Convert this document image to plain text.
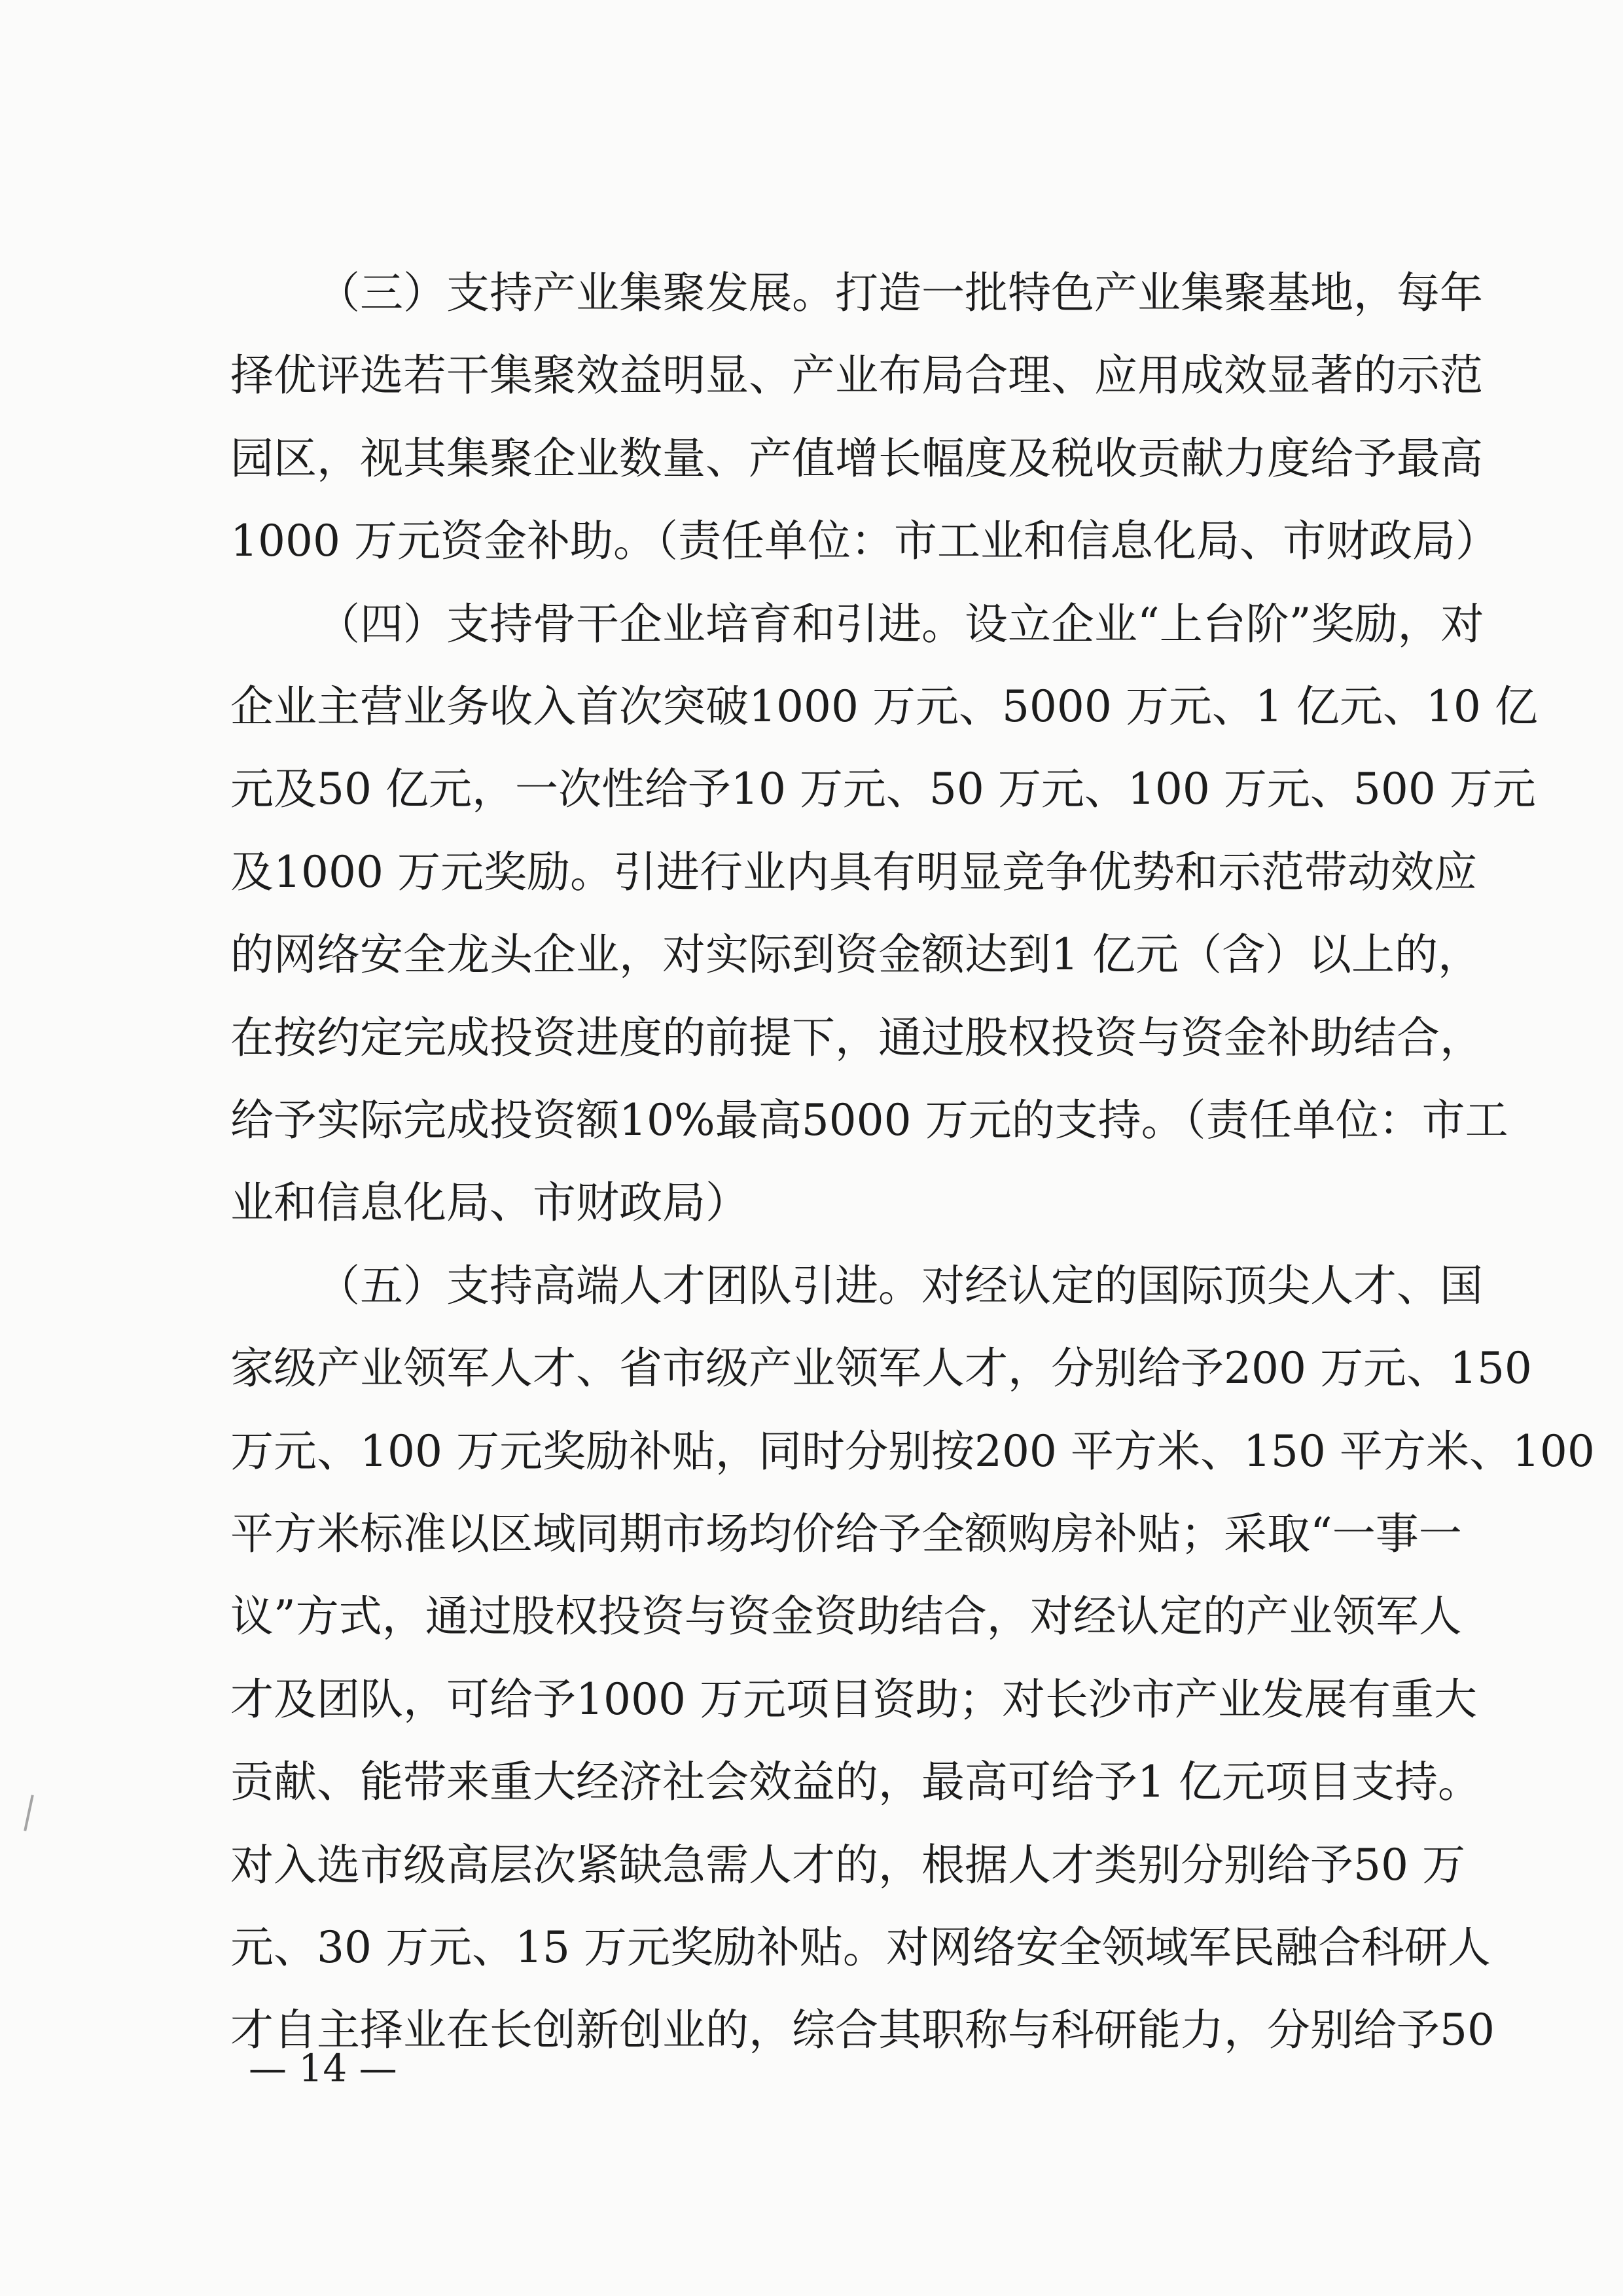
（三）支持产业集聚发展。打造一批特色产业集聚基地，每年
择优评选若干集聚效益明显、产业布局合理、应用成效显著的示范
园区，视其集聚企业数量、产值增长幅度及税收贡献力度给予最高
1000 万元资金补助。（责任单位：市工业和信息化局、市财政局）
（四）支持骨干企业培育和引进。设立企业“上台阶”奖励，对
企业主营业务收入首次突破1000 万元、5000 万元、1 亿元、10 亿
元及50 亿元，一次性给予10 万元、50 万元、100 万元、500 万元
及1000 万元奖励。引进行业内具有明显竞争优势和示范带动效应
的网络安全龙头企业，对实际到资金额达到1 亿元（含）以上的，
在按约定完成投资进度的前提下，通过股权投资与资金补助结合，
给予实际完成投资额10%最高5000 万元的支持。（责任单位：市工
业和信息化局、市财政局）
（五）支持高端人才团队引进。对经认定的国际顶尖人才、国
家级产业领军人才、省市级产业领军人才，分别给予200 万元、150
万元、100 万元奖励补贴，同时分别按200 平方米、150 平方米、100
平方米标准以区域同期市场均价给予全额购房补贴；采取“一事一
议”方式，通过股权投资与资金资助结合，对经认定的产业领军人
才及团队，可给予1000 万元项目资助；对长沙市产业发展有重大
贡献、能带来重大经济社会效益的，最高可给予1 亿元项目支持。
对入选市级高层次紧缺急需人才的，根据人才类别分别给予50 万
元、30 万元、15 万元奖励补贴。对网络安全领域军民融合科研人
才自主择业在长创新创业的，综合其职称与科研能力，分别给予50
— 14 —
